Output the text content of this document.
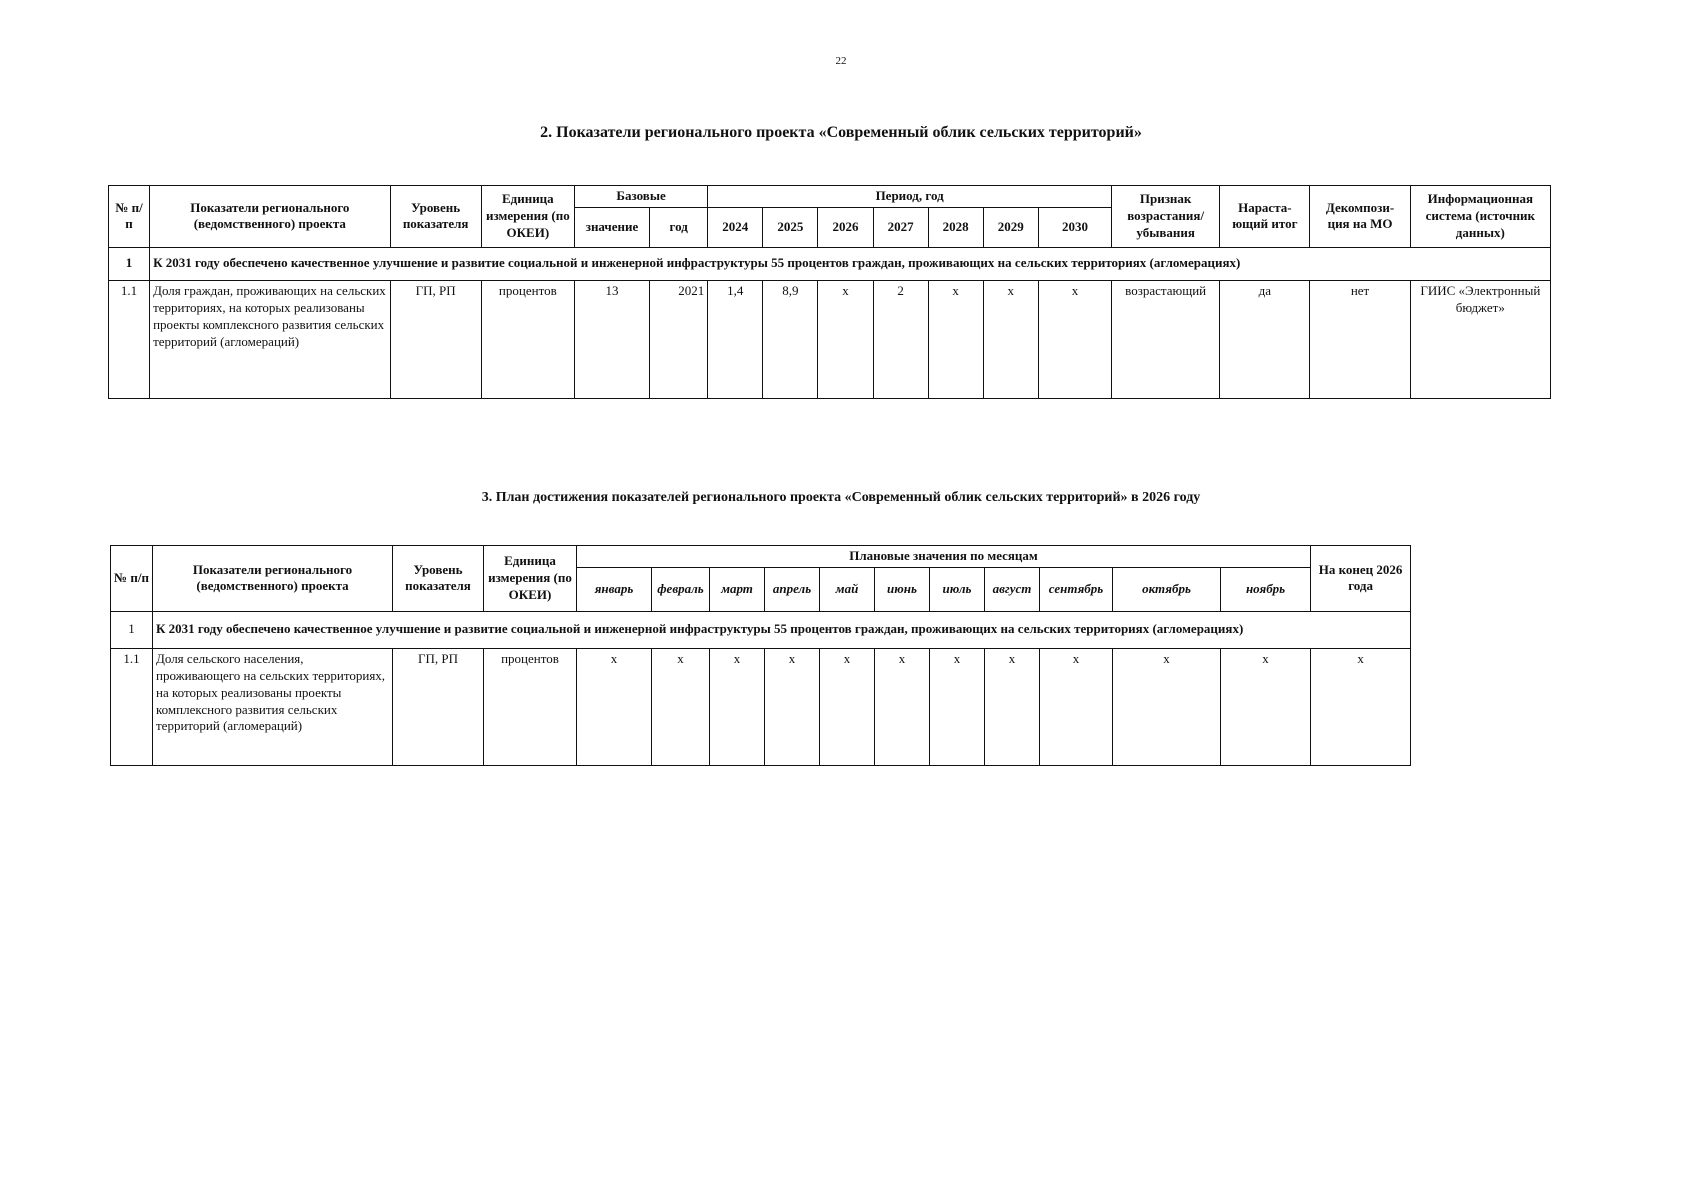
22
2. Показатели регионального проекта «Современный облик сельских территорий»
№ п/п	Показатели регионального (ведомственного) проекта	Уровень показателя	Единица измерения (по ОКЕИ)	Базовые		Период, год							Признак возрастания/ убывания	Нараста- ющий итог	Декомпози- ция на МО	Информационная система (источник данных)
				значение	год	2024	2025	2026	2027	2028	2029	2030				
1	К 2031 году обеспечено качественное улучшение и развитие социальной и инженерной инфраструктуры 55 процентов граждан, проживающих на сельских территориях (агломерациях)															
1.1	Доля граждан, проживающих на сельских территориях, на которых реализованы проекты комплексного развития сельских территорий (агломераций)	ГП, РП	процентов	13	2021	1,4	8,9	х	2	х	х	х	возрастающий	да	нет	ГИИС «Электронный бюджет»
3. План достижения показателей регионального проекта «Современный облик сельских территорий» в 2026 году
№ п/п	Показатели регионального (ведомственного) проекта	Уровень показателя	Единица измерения (по ОКЕИ)	Плановые значения по месяцам											На конец 2026 года
				январь	февраль	март	апрель	май	июнь	июль	август	сентябрь	октябрь	ноябрь	
1	К 2031 году обеспечено качественное улучшение и развитие социальной и инженерной инфраструктуры 55 процентов граждан, проживающих на сельских территориях (агломерациях)														
1.1	Доля сельского населения, проживающего на сельских территориях, на которых реализованы проекты комплексного развития сельских территорий (агломераций)	ГП, РП	процентов	х	х	х	х	х	х	х	х	х	х	х	х
